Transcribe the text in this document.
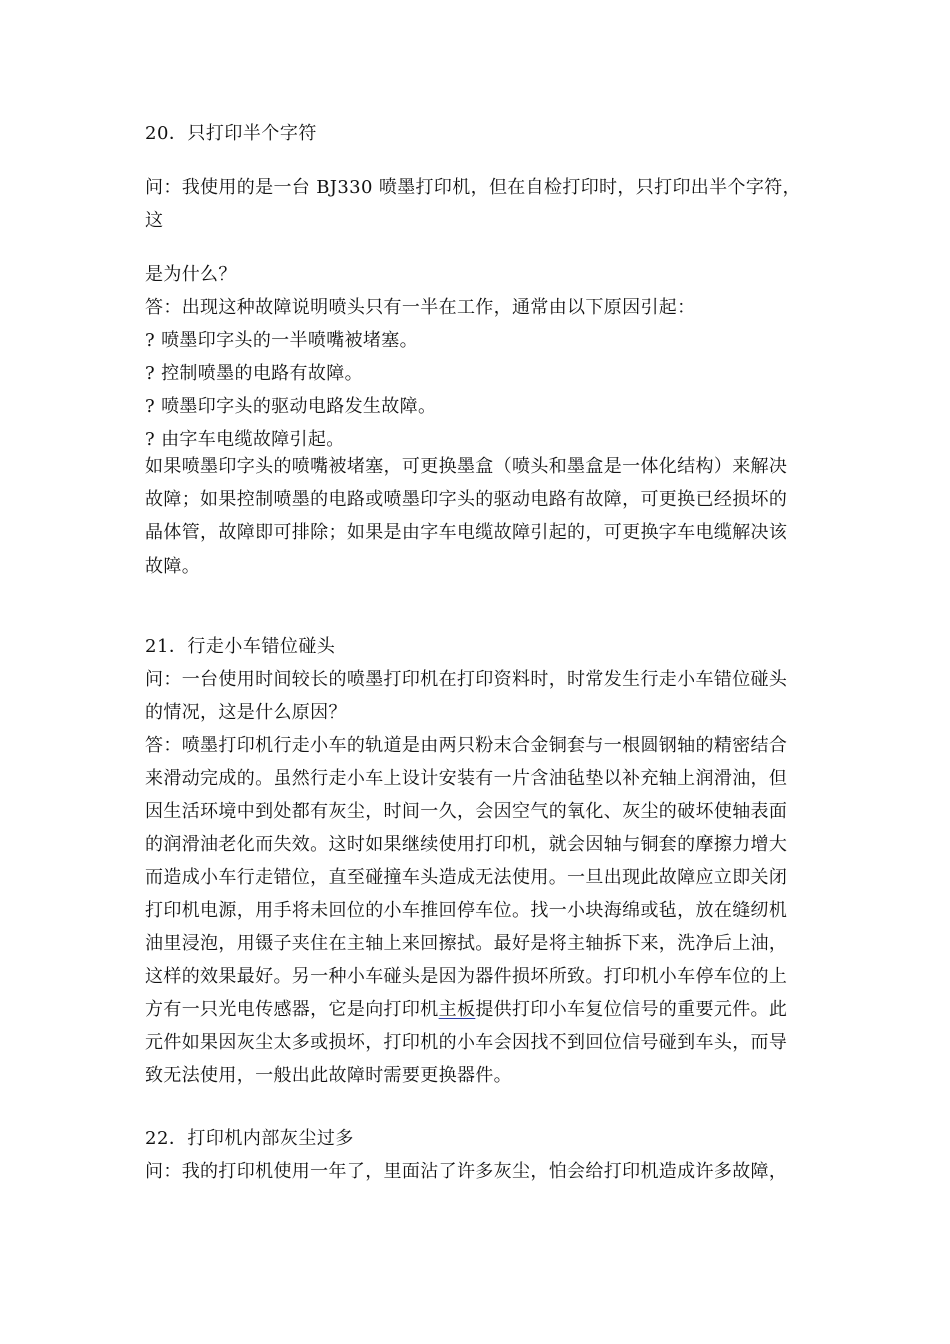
20．只打印半个字符
问：我使用的是一台 BJ330 喷墨打印机，但在自检打印时，只打印出半个字符，
这
是为什么？
答：出现这种故障说明喷头只有一半在工作，通常由以下原因引起：
? 喷墨印字头的一半喷嘴被堵塞。
? 控制喷墨的电路有故障。
? 喷墨印字头的驱动电路发生故障。
? 由字车电缆故障引起。
如果喷墨印字头的喷嘴被堵塞，可更换墨盒（喷头和墨盒是一体化结构）来解决
故障；如果控制喷墨的电路或喷墨印字头的驱动电路有故障，可更换已经损坏的
晶体管，故障即可排除；如果是由字车电缆故障引起的，可更换字车电缆解决该
故障。
21．行走小车错位碰头
问：一台使用时间较长的喷墨打印机在打印资料时，时常发生行走小车错位碰头
的情况，这是什么原因？
答：喷墨打印机行走小车的轨道是由两只粉末合金铜套与一根圆钢轴的精密结合
来滑动完成的。虽然行走小车上设计安装有一片含油毡垫以补充轴上润滑油，但
因生活环境中到处都有灰尘，时间一久，会因空气的氧化、灰尘的破坏使轴表面
的润滑油老化而失效。这时如果继续使用打印机，就会因轴与铜套的摩擦力增大
而造成小车行走错位，直至碰撞车头造成无法使用。一旦出现此故障应立即关闭
打印机电源，用手将未回位的小车推回停车位。找一小块海绵或毡，放在缝纫机
油里浸泡，用镊子夹住在主轴上来回擦拭。最好是将主轴拆下来，洗净后上油，
这样的效果最好。另一种小车碰头是因为器件损坏所致。打印机小车停车位的上
方有一只光电传感器，它是向打印机主板提供打印小车复位信号的重要元件。此
元件如果因灰尘太多或损坏，打印机的小车会因找不到回位信号碰到车头，而导
致无法使用，一般出此故障时需要更换器件。
22．打印机内部灰尘过多
问：我的打印机使用一年了，里面沾了许多灰尘，怕会给打印机造成许多故障，
